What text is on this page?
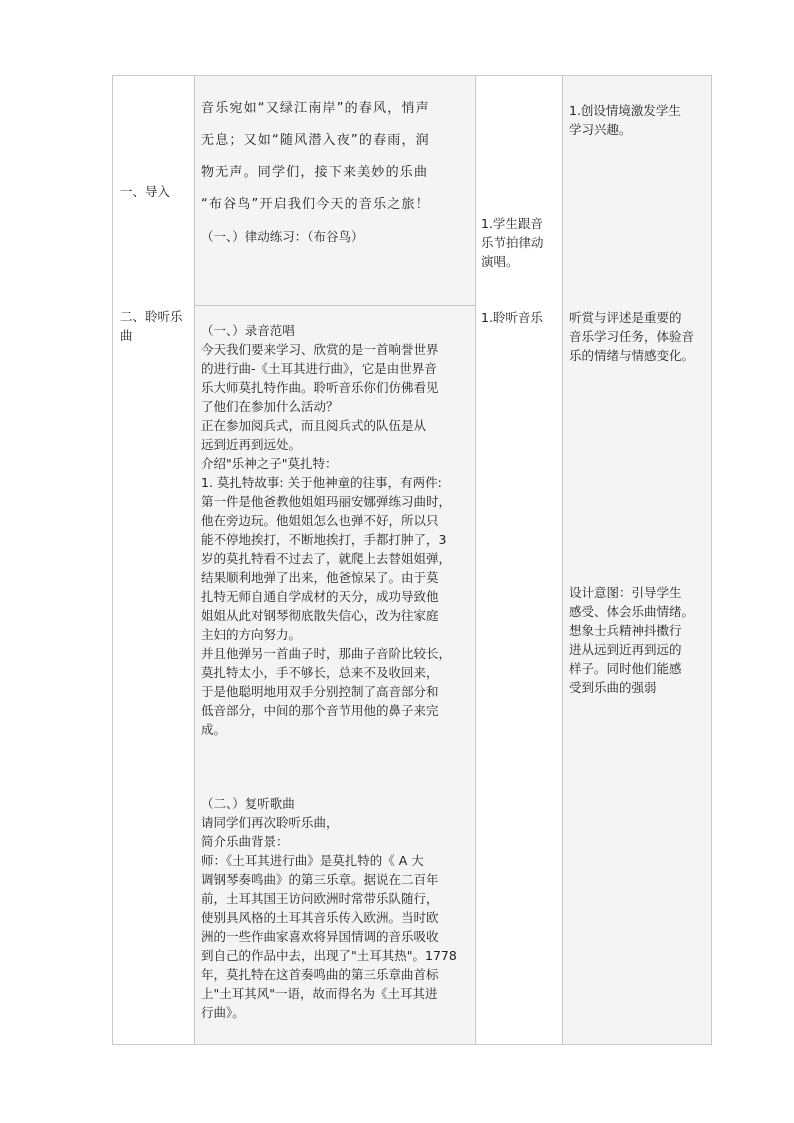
一、导入

音乐宛如“又绿江南岸”的春风，悄声

无息；又如“随风潜入夜”的春雨，润

物无声。同学们，接下来美妙的乐曲

“布谷鸟”开启我们今天的音乐之旅！

（一、）律动练习：（布谷鸟）

1.学生跟音

乐节拍律动

演唱。

1.创设情境激发学生

学习兴趣。

二、聆听乐

曲	（一、）录音范唱

今天我们要来学习、欣赏的是一首响誉世界

的进行曲-《土耳其进行曲》，它是由世界音

乐大师莫扎特作曲。聆听音乐你们仿佛看见

了他们在参加什么活动？

正在参加阅兵式，而且阅兵式的队伍是从

远到近再到远处。

介绍"乐神之子"莫扎特：

1. 莫扎特故事: 关于他神童的往事，有两件:

第一件是他爸教他姐姐玛丽安娜弹练习曲时，

他在旁边玩。他姐姐怎么也弹不好，所以只

能不停地挨打，不断地挨打，手都打肿了，3

岁的莫扎特看不过去了，就爬上去替姐姐弹，

结果顺利地弹了出来，他爸惊呆了。由于莫

扎特无师自通自学成材的天分，成功导致他

姐姐从此对钢琴彻底散失信心，改为往家庭

主妇的方向努力。

并且他弹另一首曲子时，那曲子音阶比较长，

莫扎特太小，手不够长，总来不及收回来，

于是他聪明地用双手分别控制了高音部分和

低音部分，中间的那个音节用他的鼻子来完

成。

（二、）复听歌曲

请同学们再次聆听乐曲，

简介乐曲背景：

师：《土耳其进行曲》是莫扎特的《 A 大

调钢琴奏鸣曲》的第三乐章。据说在二百年

前，土耳其国王访问欧洲时常带乐队随行，

使别具风格的土耳其音乐传入欧洲。当时欧

洲的一些作曲家喜欢将异国情调的音乐吸收

到自己的作品中去，出现了"土耳其热"。1778

年，莫扎特在这首奏鸣曲的第三乐章曲首标

上"土耳其风"一语，故而得名为《土耳其进

行曲》。

1.聆听音乐	听赏与评述是重要的

音乐学习任务，体验音

乐的情绪与情感变化。

设计意图：引导学生

感受、体会乐曲情绪。

想象士兵精神抖擞行

进从远到近再到远的

样子。同时他们能感

受到乐曲的强弱
